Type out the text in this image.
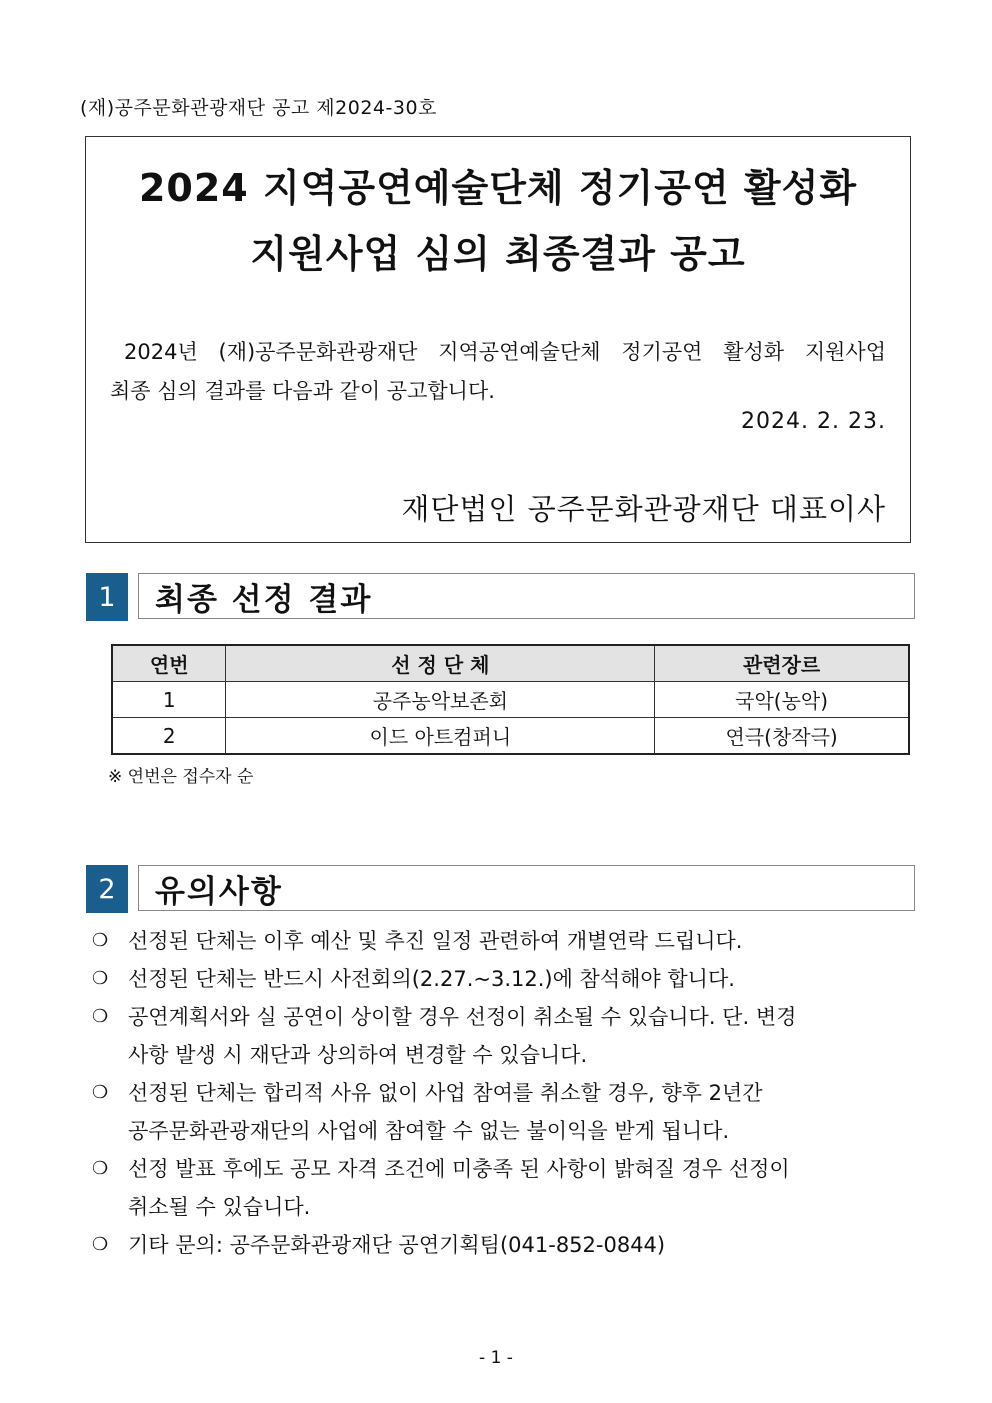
(재)공주문화관광재단 공고 제2024-30호
2024 지역공연예술단체 정기공연 활성화
지원사업 심의 최종결과 공고
2024년 (재)공주문화관광재단 지역공연예술단체 정기공연 활성화 지원사업
최종 심의 결과를 다음과 같이 공고합니다.
2024. 2. 23.
재단법인 공주문화관광재단 대표이사
1	최종 선정 결과
연번	선 정 단 체	관련장르
1	공주농악보존회	국악(농악)
2	이드 아트컴퍼니	연극(창작극)
※ 연번은 접수자 순
2	유의사항
❍ 선정된 단체는 이후 예산 및 추진 일정 관련하여 개별연락 드립니다.
❍ 선정된 단체는 반드시 사전회의(2.27.~3.12.)에 참석해야 합니다.
❍ 공연계획서와 실 공연이 상이할 경우 선정이 취소될 수 있습니다. 단. 변경
사항 발생 시 재단과 상의하여 변경할 수 있습니다.
❍ 선정된 단체는 합리적 사유 없이 사업 참여를 취소할 경우, 향후 2년간
공주문화관광재단의 사업에 참여할 수 없는 불이익을 받게 됩니다.
❍ 선정 발표 후에도 공모 자격 조건에 미충족 된 사항이 밝혀질 경우 선정이
취소될 수 있습니다.
❍ 기타 문의: 공주문화관광재단 공연기획팀(041-852-0844)
- 1 -
